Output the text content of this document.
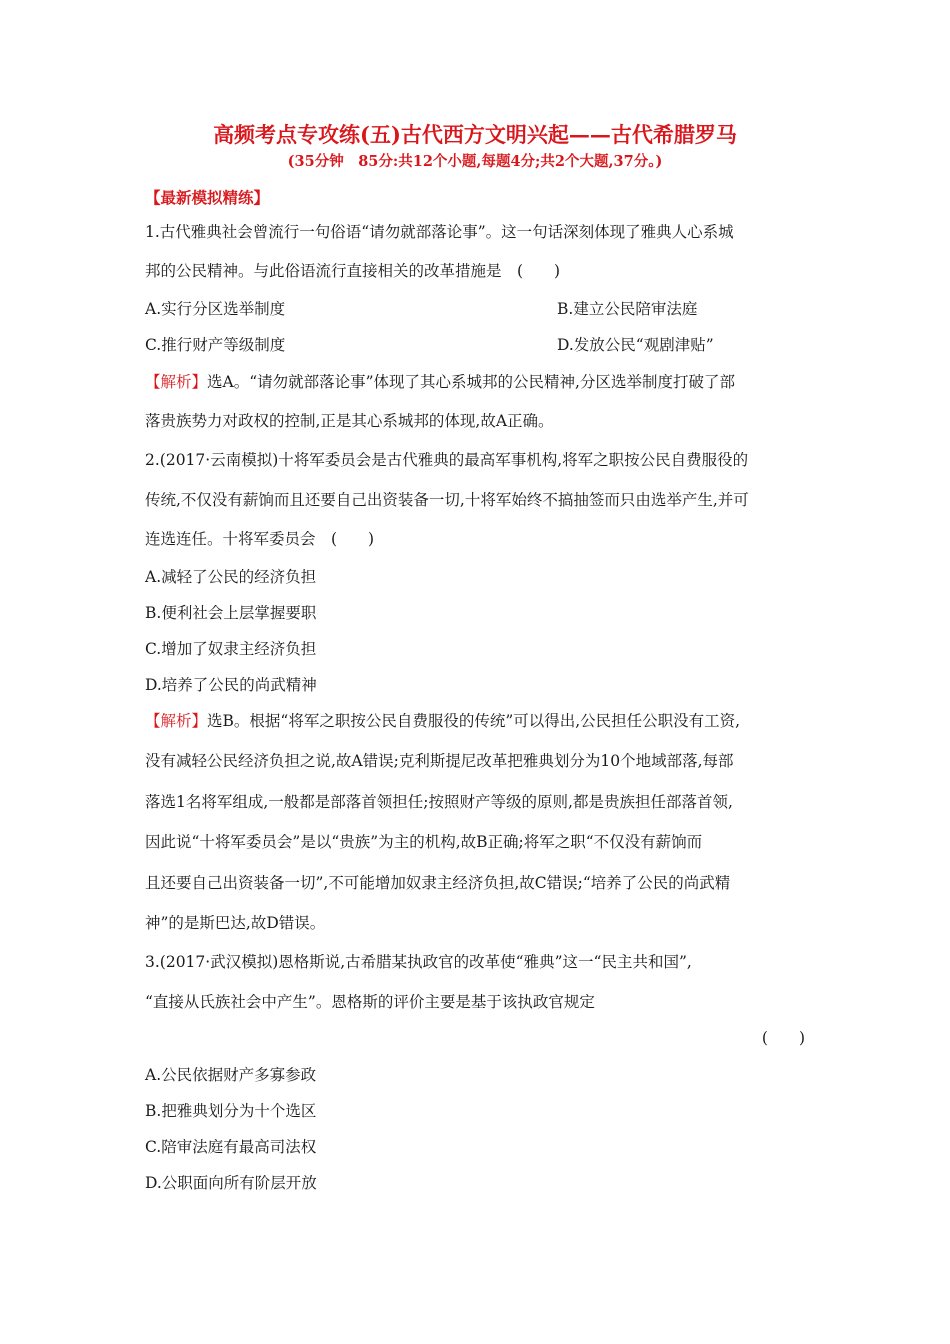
高频考点专攻练(五)古代西方文明兴起——古代希腊罗马
(35分钟　85分:共12个小题,每题4分;共2个大题,37分。)
【最新模拟精练】
1.古代雅典社会曾流行一句俗语“请勿就部落论事”。这一句话深刻体现了雅典人心系城
邦的公民精神。与此俗语流行直接相关的改革措施是　(　　)
A.实行分区选举制度	B.建立公民陪审法庭
C.推行财产等级制度	D.发放公民“观剧津贴”
【解析】选A。“请勿就部落论事”体现了其心系城邦的公民精神,分区选举制度打破了部
落贵族势力对政权的控制,正是其心系城邦的体现,故A正确。
2.(2017·云南模拟)十将军委员会是古代雅典的最高军事机构,将军之职按公民自费服役的
传统,不仅没有薪饷而且还要自己出资装备一切,十将军始终不搞抽签而只由选举产生,并可
连选连任。十将军委员会　(　　)
A.减轻了公民的经济负担
B.便利社会上层掌握要职
C.增加了奴隶主经济负担
D.培养了公民的尚武精神
【解析】选B。根据“将军之职按公民自费服役的传统”可以得出,公民担任公职没有工资,
没有减轻公民经济负担之说,故A错误;克利斯提尼改革把雅典划分为10个地域部落,每部
落选1名将军组成,一般都是部落首领担任;按照财产等级的原则,都是贵族担任部落首领,
因此说“十将军委员会”是以“贵族”为主的机构,故B正确;将军之职“不仅没有薪饷而
且还要自己出资装备一切”,不可能增加奴隶主经济负担,故C错误;“培养了公民的尚武精
神”的是斯巴达,故D错误。
3.(2017·武汉模拟)恩格斯说,古希腊某执政官的改革使“雅典”这一“民主共和国”,
“直接从氏族社会中产生”。恩格斯的评价主要是基于该执政官规定
(　　)
A.公民依据财产多寡参政
B.把雅典划分为十个选区
C.陪审法庭有最高司法权
D.公职面向所有阶层开放
